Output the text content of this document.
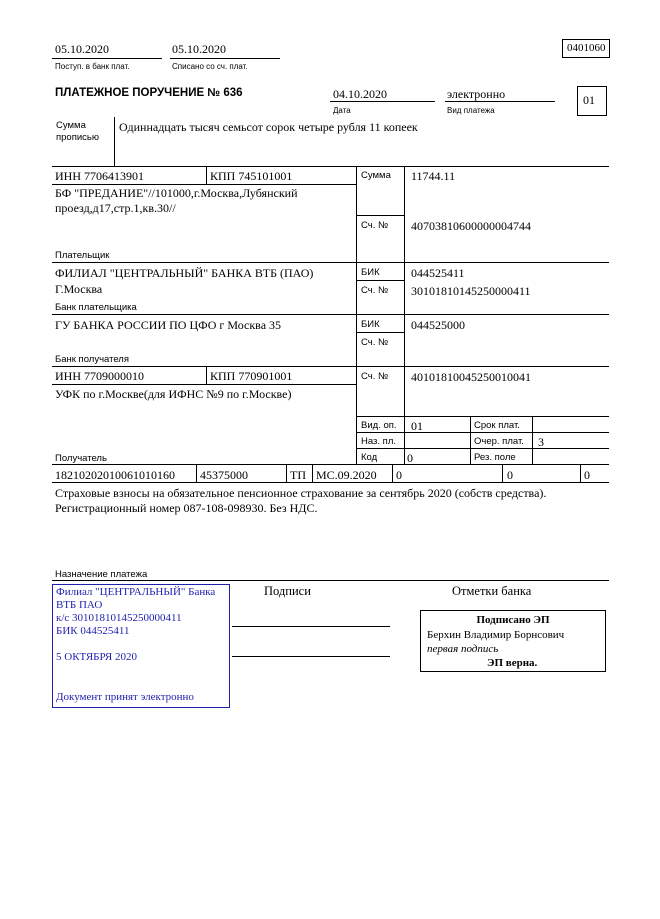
05.10.2020
Поступ. в банк плат.
05.10.2020
Списано со сч. плат.
0401060
ПЛАТЕЖНОЕ ПОРУЧЕНИЕ № 636	04.10.2020
Дата
электронно
Вид платежа
01
Сумма
прописью
Одиннадцать тысяч семьсот сорок четыре рубля 11 копеек
ИНН 7706413901	КПП 745101001
БФ "ПРЕДАНИЕ"//101000,г.Москва,Лубянский
проезд,д17,стр.1,кв.30//
Плательщик
Сумма 11744.11
Сч. № 40703810600000004744
ФИЛИАЛ "ЦЕНТРАЛЬНЫЙ" БАНКА ВТБ (ПАО)
Г.Москва
Банк плательщика
БИК	044525411
Сч. № 30101810145250000411
ГУ БАНКА РОССИИ ПО ЦФО г Москва 35
Банк получателя
БИК	044525000
Сч. №
ИНН 7709000010	КПП 770901001
УФК по г.Москве(для ИФНС №9 по г.Москве)
Получатель
Сч. № 40101810045250010041
Вид. оп. 01	Срок плат.
Наз. пл.	Очер. плат. 3
Код 0	Рез. поле
18210202010061010160 45375000	ТП МС.09.2020 0	0	0
Страховые взносы на обязательное пенсионное страхование за сентябрь 2020 (собств средства).
Регистрационный номер 087-108-098930. Без НДС.
Назначение платежа
Подписи	Отметки банка
Филиал "ЦЕНТРАЛЬНЫЙ" Банка
ВТБ ПАО
к/с 30101810145250000411
БИК 044525411
5 ОКТЯБРЯ 2020
Документ принят электронно
Подписано ЭП
Берхин Владимир Борнсович
первая подпись
ЭП верна.
